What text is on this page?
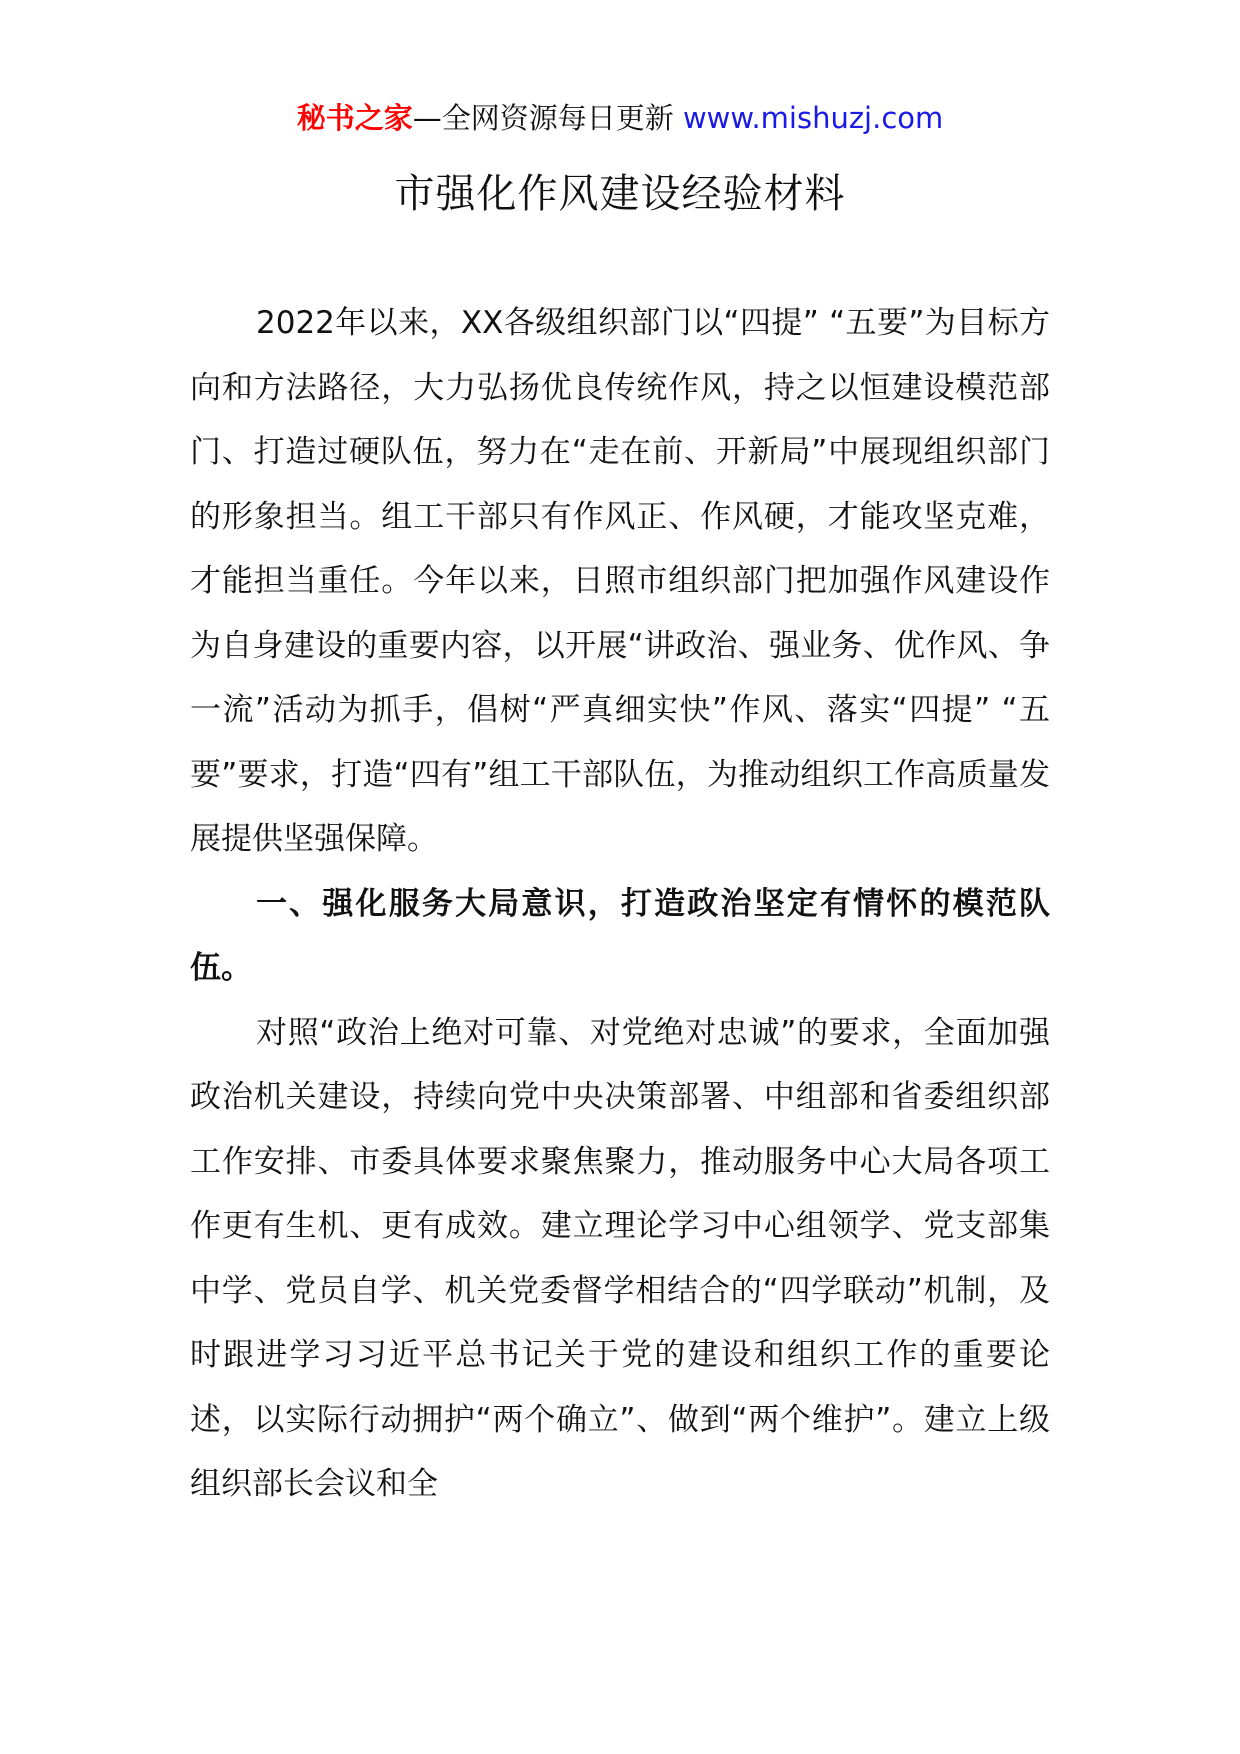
秘书之家—全网资源每日更新 www.mishuzj.com
市强化作风建设经验材料

2022年以来，XX各级组织部门以“四提” “五要”为目标方向和方法路径，大力弘扬优良传统作风，持之以恒建设模范部门、打造过硬队伍，努力在“走在前、开新局”中展现组织部门的形象担当。组工干部只有作风正、作风硬，才能攻坚克难，才能担当重任。今年以来，日照市组织部门把加强作风建设作为自身建设的重要内容，以开展“讲政治、强业务、优作风、争一流”活动为抓手，倡树“严真细实快”作风、落实“四提” “五要”要求，打造“四有”组工干部队伍，为推动组织工作高质量发展提供坚强保障。

一、强化服务大局意识，打造政治坚定有情怀的模范队伍。

对照“政治上绝对可靠、对党绝对忠诚”的要求，全面加强政治机关建设，持续向党中央决策部署、中组部和省委组织部工作安排、市委具体要求聚焦聚力，推动服务中心大局各项工作更有生机、更有成效。建立理论学习中心组领学、党支部集中学、党员自学、机关党委督学相结合的“四学联动”机制，及时跟进学习习近平总书记关于党的建设和组织工作的重要论述，以实际行动拥护“两个确立”、做到“两个维护”。建立上级组织部长会议和全
